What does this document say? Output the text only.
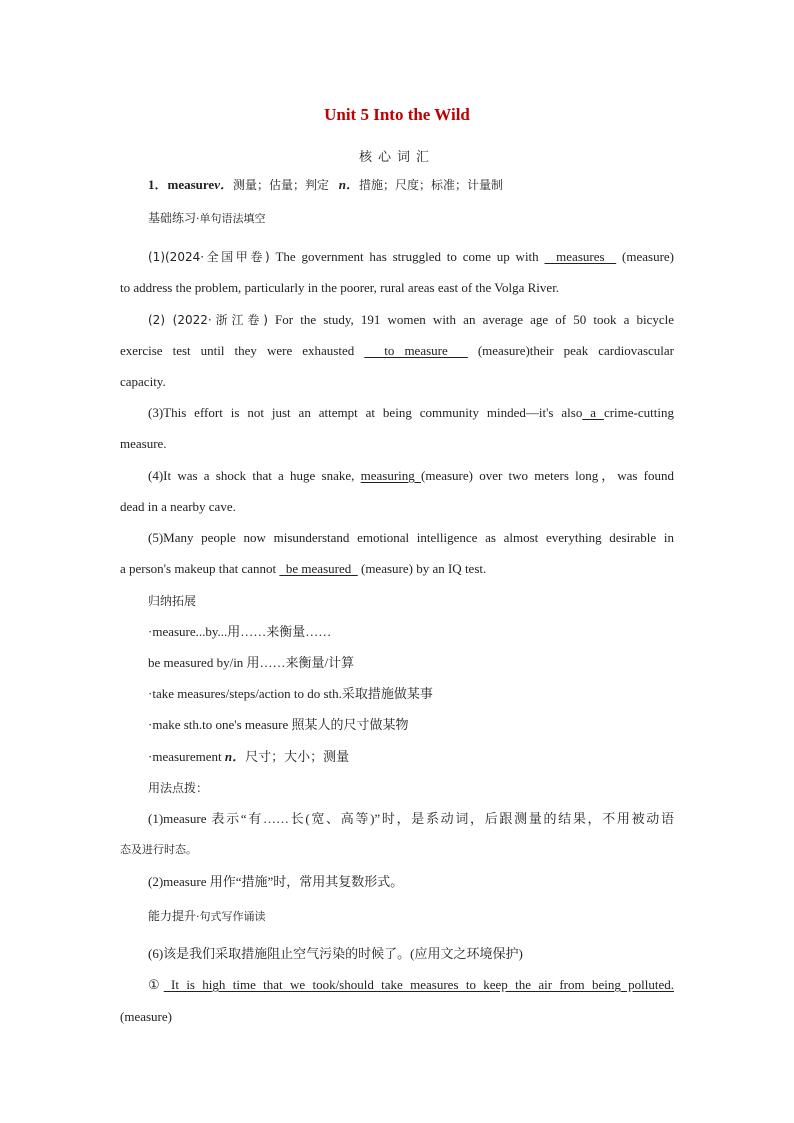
Unit 5 Into the Wild
核心词汇
1．measurev．测量；估量；判定 n．措施；尺度；标准；计量制
基础练习·单句语法填空
(1)(2024·全国甲卷) The government has struggled to come up with   measures   (measure)
to address the problem, particularly in the poorer, rural areas east of the Volga River.
(2) (2022·浙江卷) For the study, 191 women with an average age of 50 took a bicycle
exercise test until they were exhausted   to measure   (measure)their peak cardiovascular
capacity.
(3)This effort is not just an attempt at being community minded—it's also a crime-cutting
measure.
(4)It was a shock that a huge snake, measuring (measure) over two meters long，was found
dead in a nearby cave.
(5)Many people now misunderstand emotional intelligence as almost everything desirable in
a person's makeup that cannot   be measured   (measure) by an IQ test.
归纳拓展
·measure...by...用……来衡量……
be measured by/in 用……来衡量/计算
·take measures/steps/action to do sth.采取措施做某事
·make sth.to one's measure 照某人的尺寸做某物
·measurement n．尺寸；大小；测量
用法点拨：
(1)measure 表示“有……长(宽、高等)”时，是系动词，后跟测量的结果，不用被动语
态及进行时态。
(2)measure 用作“措施”时，常用其复数形式。
能力提升·句式写作诵读
(6)该是我们采取措施阻止空气污染的时候了。(应用文之环境保护)
① It is high time that we took/should take measures to keep the air from being polluted.
(measure)
